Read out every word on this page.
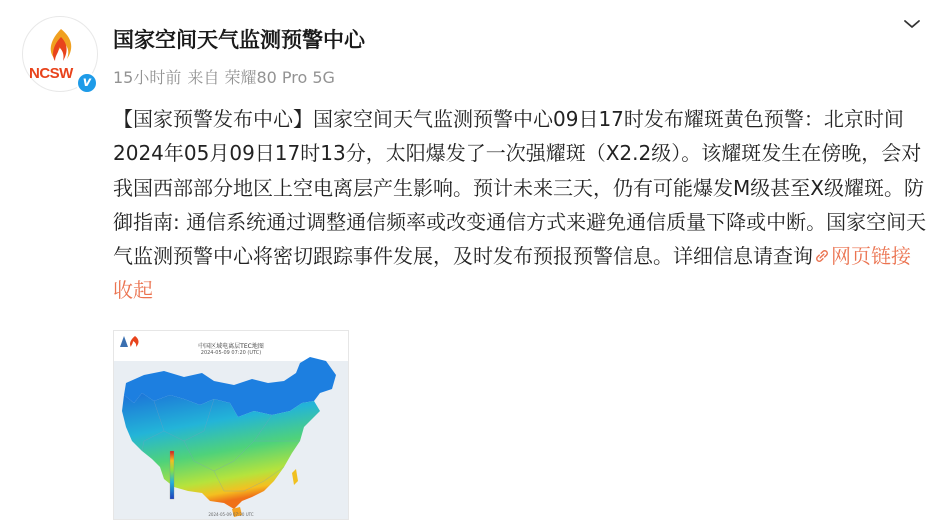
NCSW
v
国家空间天气监测预警中心
15小时前 来自 荣耀80 Pro 5G
【国家预警发布中心】国家空间天气监测预警中心09日17时发布耀斑黄色预警：北京时间2024年05月09日17时13分，太阳爆发了一次强耀斑（X2.2级）。该耀斑发生在傍晚，会对我国西部部分地区上空电离层产生影响。预计未来三天，仍有可能爆发M级甚至X级耀斑。防御指南: 通信系统通过调整通信频率或改变通信方式来避免通信质量下降或中断。国家空间天气监测预警中心将密切跟踪事件发展，及时发布预报预警信息。详细信息请查询 网页链接 收起
中国区域电离层TEC地图
2024-05-09 07:20 (UTC)
2024-05-09 07:20 UTC
